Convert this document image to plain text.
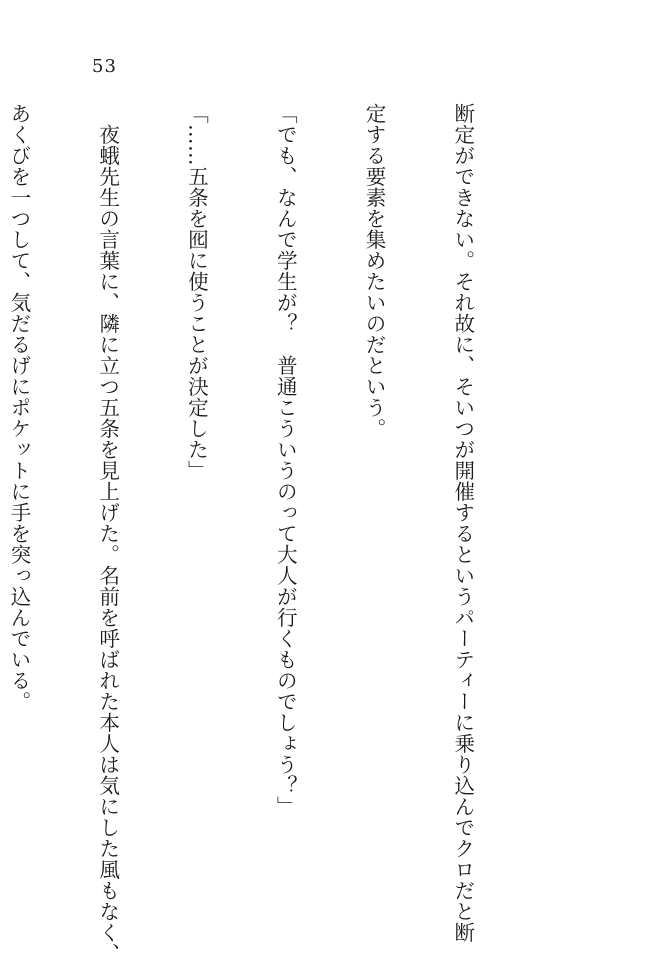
53

断定ができない。それ故に、そいつが開催するというパーティーに乗り込んでクロだと断

定する要素を集めたいのだという。

「でも、なんで学生が？　普通こういうのって大人が行くものでしょう？」

「……五条を囮に使うことが決定した」

　夜蛾先生の言葉に、隣に立つ五条を見上げた。名前を呼ばれた本人は気にした風もなく、

あくびを一つして、気だるげにポケットに手を突っ込んでいる。
